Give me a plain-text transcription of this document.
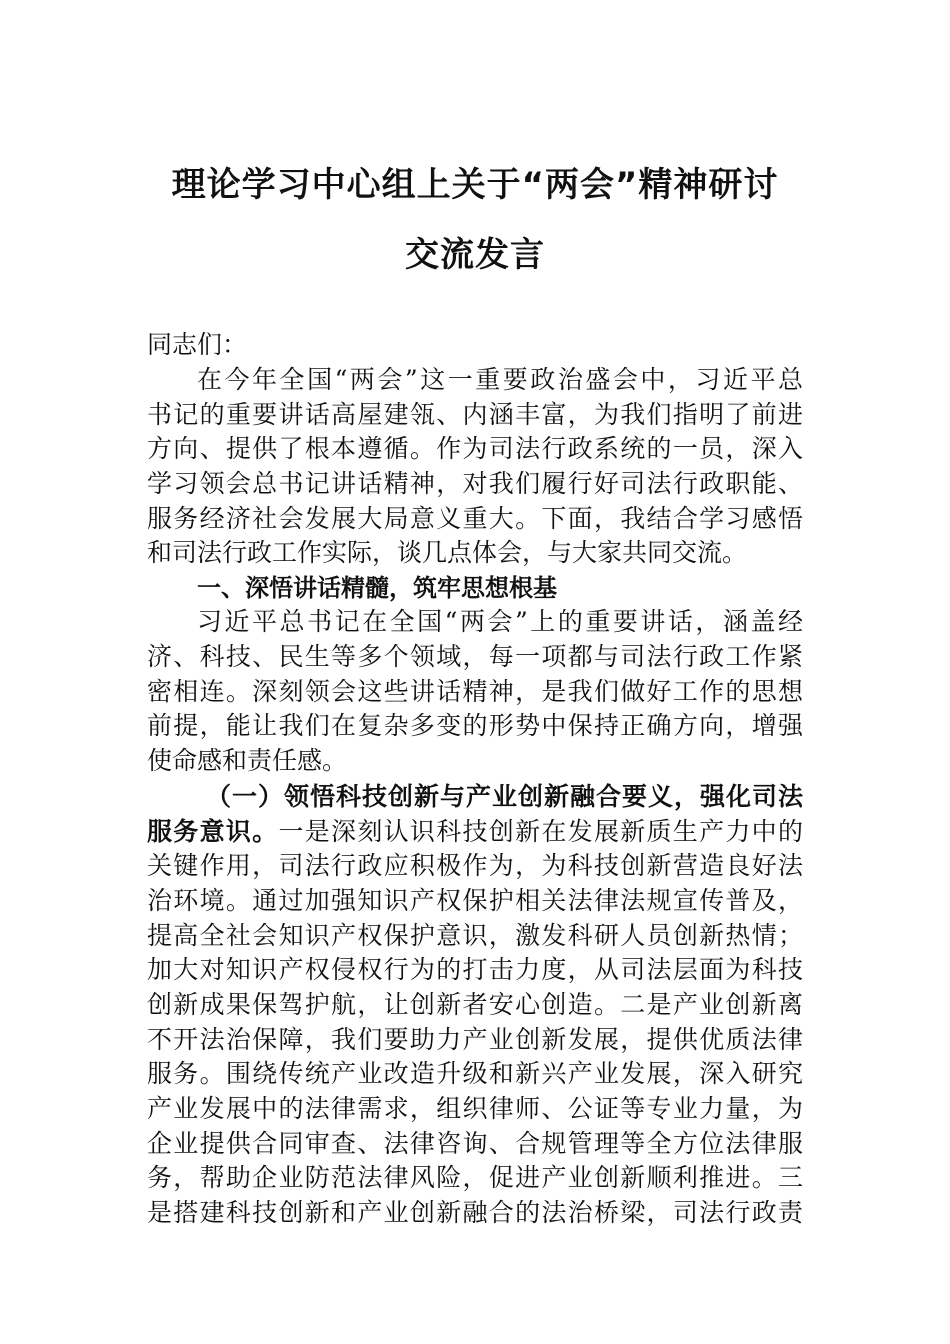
理论学习中心组上关于“两会”精神研讨
交流发言
同志们：
在今年全国“两会”这一重要政治盛会中，习近平总
书记的重要讲话高屋建瓴、内涵丰富，为我们指明了前进
方向、提供了根本遵循。作为司法行政系统的一员，深入
学习领会总书记讲话精神，对我们履行好司法行政职能、
服务经济社会发展大局意义重大。下面，我结合学习感悟
和司法行政工作实际，谈几点体会，与大家共同交流。
一、深悟讲话精髓，筑牢思想根基
习近平总书记在全国“两会”上的重要讲话，涵盖经
济、科技、民生等多个领域，每一项都与司法行政工作紧
密相连。深刻领会这些讲话精神，是我们做好工作的思想
前提，能让我们在复杂多变的形势中保持正确方向，增强
使命感和责任感。
（一）领悟科技创新与产业创新融合要义，强化司法
服务意识。一是深刻认识科技创新在发展新质生产力中的
关键作用，司法行政应积极作为，为科技创新营造良好法
治环境。通过加强知识产权保护相关法律法规宣传普及，
提高全社会知识产权保护意识，激发科研人员创新热情；
加大对知识产权侵权行为的打击力度，从司法层面为科技
创新成果保驾护航，让创新者安心创造。二是产业创新离
不开法治保障，我们要助力产业创新发展，提供优质法律
服务。围绕传统产业改造升级和新兴产业发展，深入研究
产业发展中的法律需求，组织律师、公证等专业力量，为
企业提供合同审查、法律咨询、合规管理等全方位法律服
务，帮助企业防范法律风险，促进产业创新顺利推进。三
是搭建科技创新和产业创新融合的法治桥梁，司法行政责
